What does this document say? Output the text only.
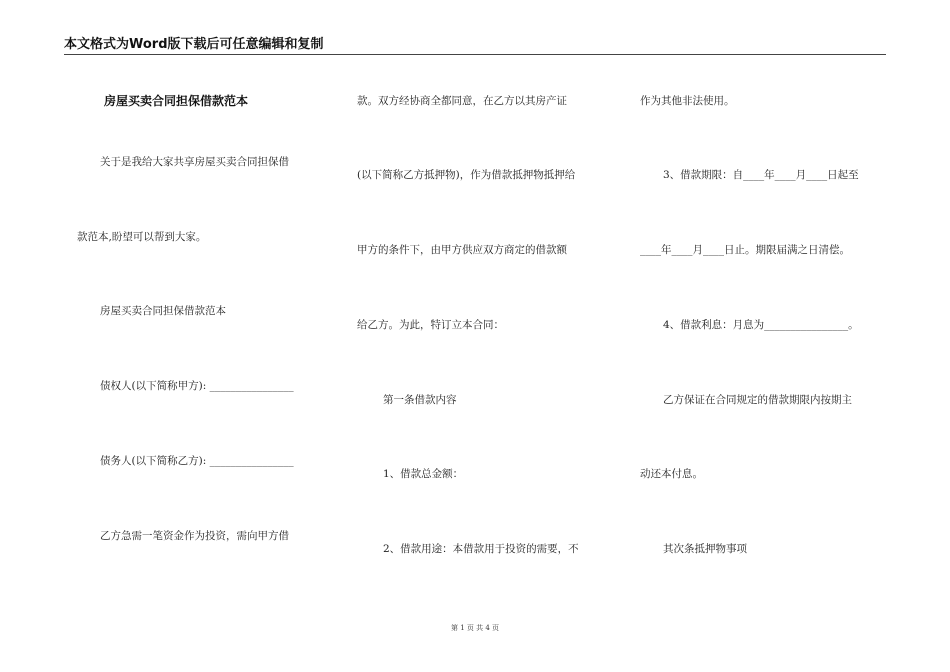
本文格式为Word版下载后可任意编辑和复制
房屋买卖合同担保借款范本
关于是我给大家共享房屋买卖合同担保借
款范本,盼望可以帮到大家。
房屋买卖合同担保借款范本
债权人(以下简称甲方): ________________
债务人(以下简称乙方): ________________
乙方急需一笔资金作为投资，需向甲方借
款。双方经协商全都同意，在乙方以其房产证
(以下简称乙方抵押物)，作为借款抵押物抵押给
甲方的条件下，由甲方供应双方商定的借款额
给乙方。为此，特订立本合同：
第一条借款内容
1、借款总金额：
2、借款用途：本借款用于投资的需要，不
作为其他非法使用。
3、借款期限：自____年____月____日起至
____年____月____日止。期限届满之日清偿。
4、借款利息：月息为________________。
乙方保证在合同规定的借款期限内按期主
动还本付息。
其次条抵押物事项
第 1 页 共 4 页
